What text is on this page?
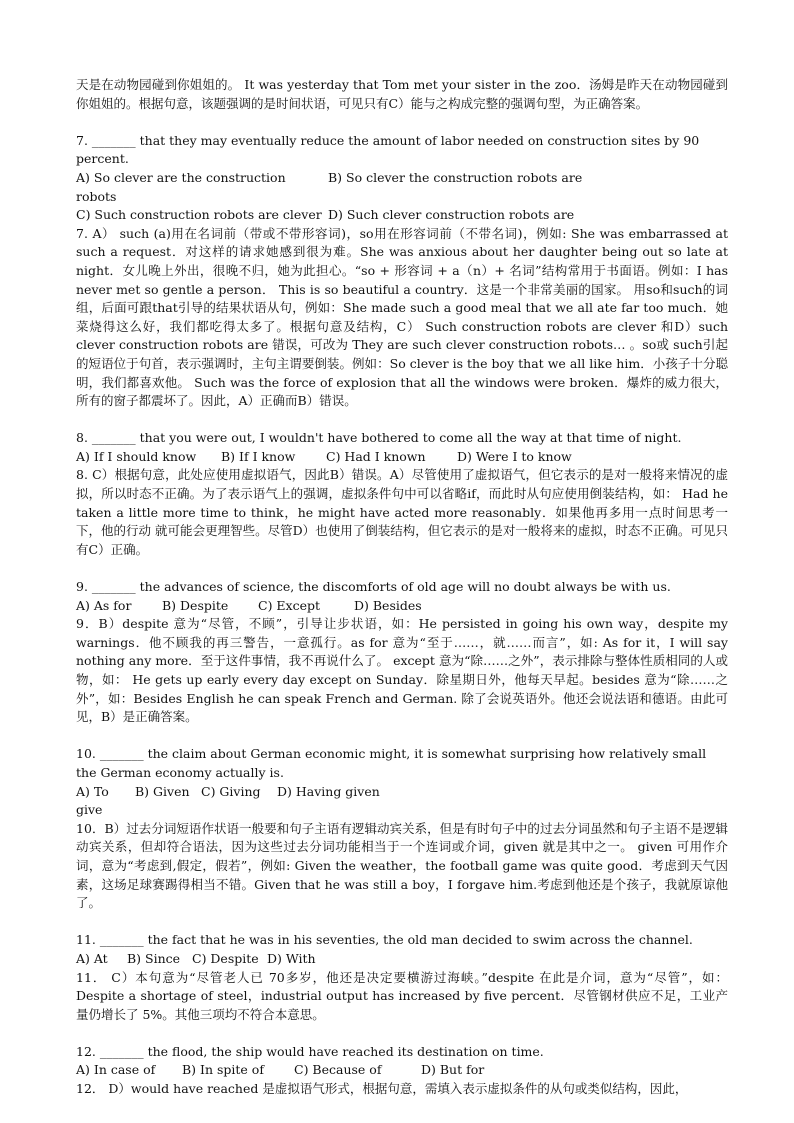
天是在动物园碰到你姐姐的。 It was yesterday that Tom met your sister in the zoo．汤姆是昨天在动物园碰到你姐姐的。根据句意，该题强调的是时间状语，可见只有C）能与之构成完整的强调句型，为正确答案。

7. _______ that they may eventually reduce the amount of labor needed on construction sites by 90 percent.

A) So clever are the construction robots
B) So clever the construction robots are
C) Such construction robots are clever D) Such clever construction robots are

7. A） such (a)用在名词前（带或不带形容词)，so用在形容词前（不带名词)，例如: She was embarrassed at such a request．对这样的请求她感到很为难。She was anxious about her daughter being out so late at night．女儿晚上外出，很晚不归，她为此担心。“so + 形容词 + a（n）+ 名词”结构常用于书面语。例如：I has never met so gentle a person． This is so beautiful a country．这是一个非常美丽的国家。 用so和such的词组，后面可跟that引导的结果状语从句，例如：She made such a good meal that we all ate far too much．她菜烧得这么好，我们都吃得太多了。根据句意及结构，C） Such construction robots are clever 和D）such clever construction robots are 错误，可改为 They are such clever construction robots… 。so或 such引起的短语位于句首，表示强调时，主句主谓要倒装。例如：So clever is the boy that we all like him．小孩子十分聪明，我们都喜欢他。 Such was the force of explosion that all the windows were broken．爆炸的威力很大，所有的窗子都震坏了。因此，A）正确而B）错误。

8. _______ that you were out, I wouldn't have bothered to come all the way at that time of night.

A) If I should know	B) If I know	C) Had I known	D) Were I to know

8. C）根据句意，此处应使用虚拟语气，因此B）错误。A）尽管使用了虚拟语气，但它表示的是对一般将来情况的虚拟，所以时态不正确。为了表示语气上的强调，虚拟条件句中可以省略if，而此时从句应使用倒装结构，如： Had he taken a little more time to think，he might have acted more reasonably．如果他再多用一点时间思考一下，他的行动 就可能会更理智些。尽管D）也使用了倒装结构，但它表示的是对一般将来的虚拟，时态不正确。可见只有C）正确。

9. _______ the advances of science, the discomforts of old age will no doubt always be with us.

A) As for	B) Despite	C) Except	D) Besides

9．B）despite 意为“尽管，不顾”，引导让步状语，如：He persisted in going his own way，despite my warnings．他不顾我的再三警告，一意孤行。as for 意为“至于……，就……而言”，如: As for it，I will say nothing any more．至于这件事情，我不再说什么了。 except 意为“除……之外”，表示排除与整体性质相同的人或物，如： He gets up early every day except on Sunday．除星期日外，他每天早起。besides 意为“除……之外”，如：Besides English he can speak French and German. 除了会说英语外。他还会说法语和德语。由此可见，B）是正确答案。

10. _______ the claim about German economic might, it is somewhat surprising how relatively small the German economy actually is.

A) To give
B) Given C) Giving	D) Having given

10．B）过去分词短语作状语一般要和句子主语有逻辑动宾关系，但是有时句子中的过去分词虽然和句子主语不是逻辑动宾关系，但却符合语法，因为这些过去分词功能相当于一个连词或介词，given 就是其中之一。 given 可用作介词，意为“考虑到,假定，假若”，例如: Given the weather，the football game was quite good．考虑到天气因素，这场足球赛踢得相当不错。Given that he was still a boy，I forgave him.考虑到他还是个孩子，我就原谅他了。

11. _______ the fact that he was in his seventies, the old man decided to swim across the channel.

A) At	B) Since C) Despite D) With

11． C）本句意为“尽管老人已 70多岁，他还是决定要横游过海峡。”despite 在此是介词，意为“尽管”，如： Despite a shortage of steel，industrial output has increased by five percent．尽管钢材供应不足，工业产量仍增长了 5%。其他三项均不符合本意思。

12. _______ the flood, the ship would have reached its destination on time.

A) In case of	B) In spite of	C) Because of	D) But for

12． D）would have reached 是虚拟语气形式，根据句意，需填入表示虚拟条件的从句或类似结构，因此，
